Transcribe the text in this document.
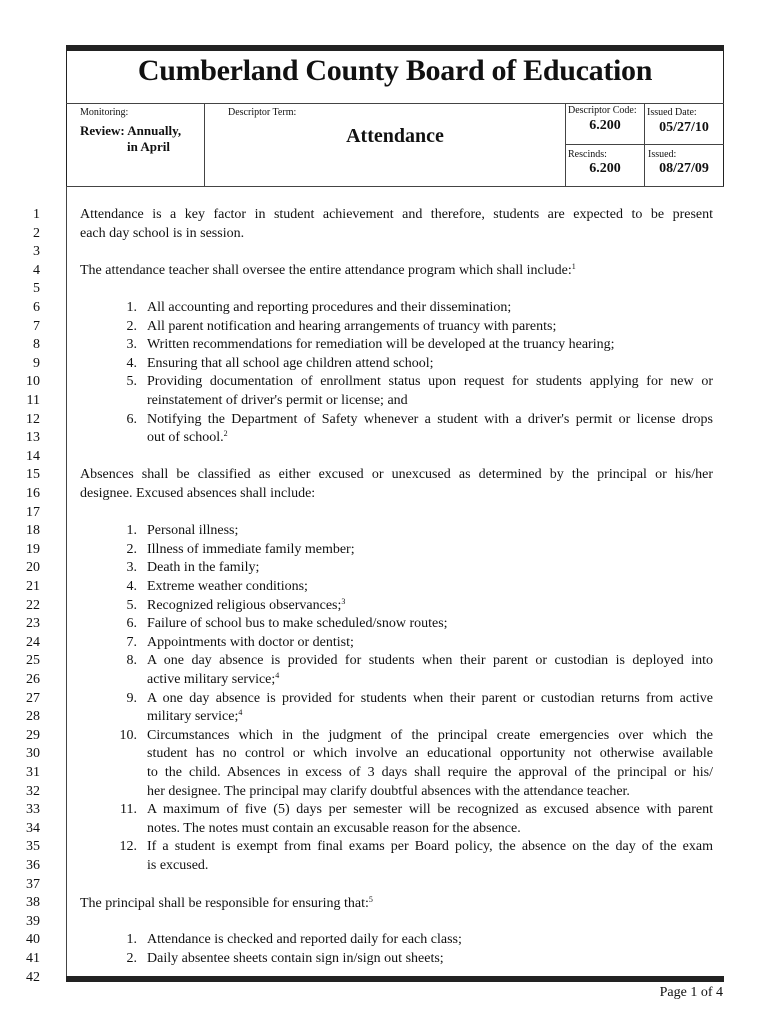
Cumberland County Board of Education
Monitoring:
Review: Annually,
in April
Descriptor Term:
Attendance
Descriptor Code:
6.200
Issued Date:
05/27/10
Rescinds:
6.200
Issued:
08/27/09
1
2
3
4
5
6
7
8
9
10
11
12
13
14
15
16
17
18
19
20
21
22
23
24
25
26
27
28
29
30
31
32
33
34
35
36
37
38
39
40
41
42
Attendance is a key factor in student achievement and therefore, students are expected to be present
each day school is in session.
The attendance teacher shall oversee the entire attendance program which shall include:$^1$
1. All accounting and reporting procedures and their dissemination;
2. All parent notification and hearing arrangements of truancy with parents;
3. Written recommendations for remediation will be developed at the truancy hearing;
4. Ensuring that all school age children attend school;
5. Providing documentation of enrollment status upon request for students applying for new or
reinstatement of driver's permit or license; and
6. Notifying the Department of Safety whenever a student with a driver's permit or license drops
out of school.$^2$
Absences shall be classified as either excused or unexcused as determined by the principal or his/her
designee. Excused absences shall include:
1. Personal illness;
2. Illness of immediate family member;
3. Death in the family;
4. Extreme weather conditions;
5. Recognized religious observances;$^3$
6. Failure of school bus to make scheduled/snow routes;
7. Appointments with doctor or dentist;
8. A one day absence is provided for students when their parent or custodian is deployed into
active military service;$^4$
9. A one day absence is provided for students when their parent or custodian returns from active
military service;$^4$
10. Circumstances which in the judgment of the principal create emergencies over which the
student has no control or which involve an educational opportunity not otherwise available
to the child. Absences in excess of 3 days shall require the approval of the principal or his/
her designee. The principal may clarify doubtful absences with the attendance teacher.
11. A maximum of five (5) days per semester will be recognized as excused absence with parent
notes. The notes must contain an excusable reason for the absence.
12. If a student is exempt from final exams per Board policy, the absence on the day of the exam
is excused.
The principal shall be responsible for ensuring that:$^5$
1. Attendance is checked and reported daily for each class;
2. Daily absentee sheets contain sign in/sign out sheets;
Page 1 of 4
